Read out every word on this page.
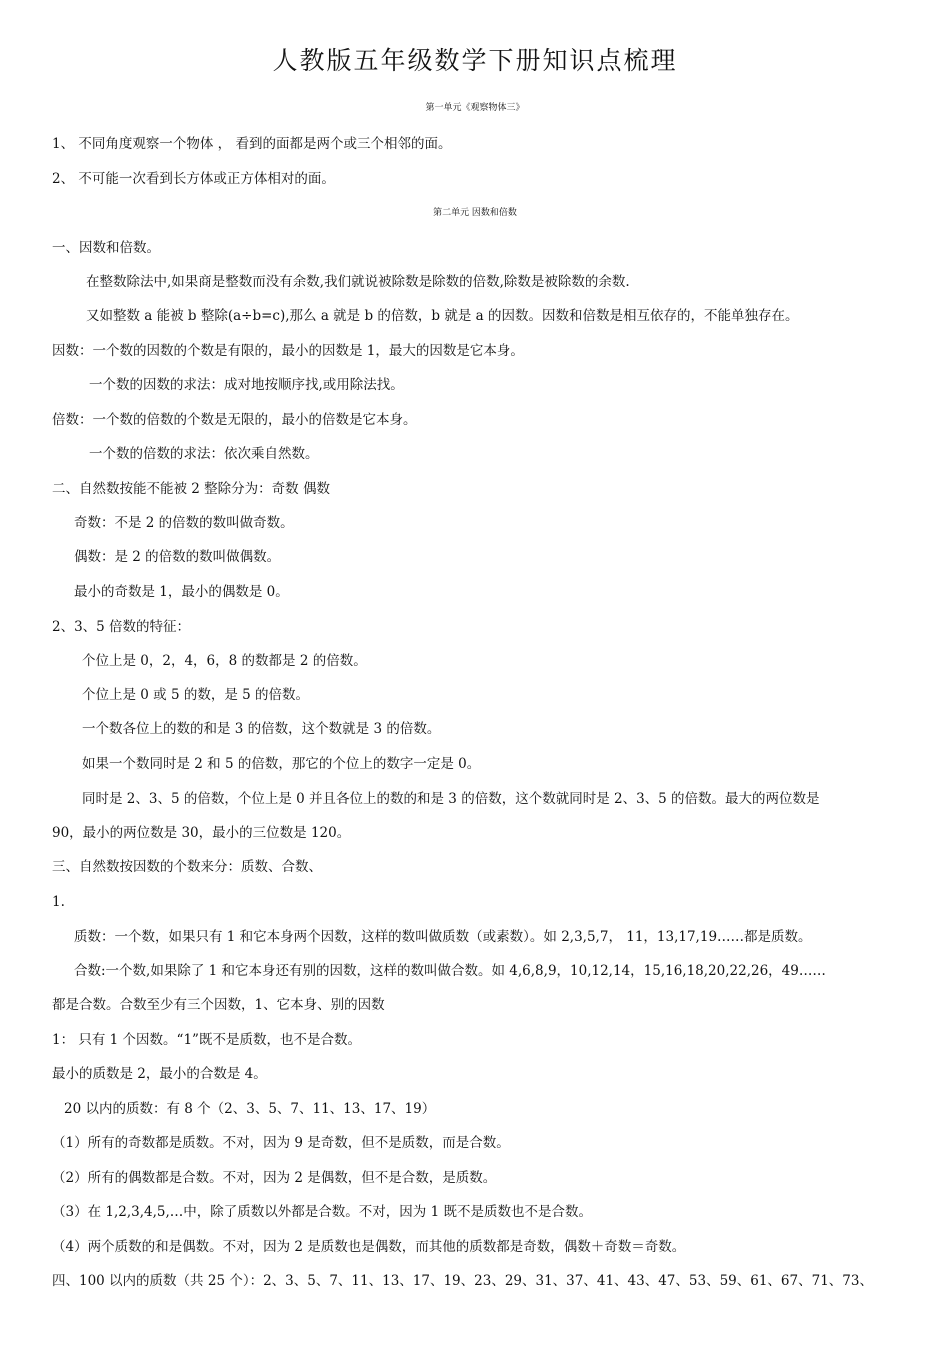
人教版五年级数学下册知识点梳理
第一单元《观察物体三》
1、 不同角度观察一个物体 ， 看到的面都是两个或三个相邻的面。
2、 不可能一次看到长方体或正方体相对的面。
第二单元 因数和倍数
一、因数和倍数。
在整数除法中,如果商是整数而没有余数,我们就说被除数是除数的倍数,除数是被除数的余数.
又如整数 a 能被 b 整除(a÷b=c),那么 a 就是 b 的倍数，b 就是 a 的因数。因数和倍数是相互依存的，不能单独存在。
因数：一个数的因数的个数是有限的，最小的因数是 1，最大的因数是它本身。
一个数的因数的求法：成对地按顺序找,或用除法找。
倍数：一个数的倍数的个数是无限的，最小的倍数是它本身。
一个数的倍数的求法：依次乘自然数。
二、自然数按能不能被 2 整除分为：奇数 偶数
奇数：不是 2 的倍数的数叫做奇数。
偶数：是 2 的倍数的数叫做偶数。
最小的奇数是 1，最小的偶数是 0。
2、3、5 倍数的特征：
个位上是 0，2，4，6，8 的数都是 2 的倍数。
个位上是 0 或 5 的数，是 5 的倍数。
一个数各位上的数的和是 3 的倍数，这个数就是 3 的倍数。
如果一个数同时是 2 和 5 的倍数，那它的个位上的数字一定是 0。
同时是 2、3、5 的倍数，个位上是 0 并且各位上的数的和是 3 的倍数，这个数就同时是 2、3、5 的倍数。最大的两位数是
90，最小的两位数是 30，最小的三位数是 120。
三、自然数按因数的个数来分：质数、合数、
1.
质数：一个数，如果只有 1 和它本身两个因数，这样的数叫做质数（或素数）。如 2,3,5,7， 11，13,17,19……都是质数。
合数:一个数,如果除了 1 和它本身还有别的因数，这样的数叫做合数。如 4,6,8,9，10,12,14，15,16,18,20,22,26，49……
都是合数。合数至少有三个因数，1、它本身、别的因数
1： 只有 1 个因数。“1”既不是质数，也不是合数。
最小的质数是 2，最小的合数是 4。
20 以内的质数：有 8 个（2、3、5、7、11、13、17、19）
（1）所有的奇数都是质数。不对，因为 9 是奇数，但不是质数，而是合数。
（2）所有的偶数都是合数。不对，因为 2 是偶数，但不是合数，是质数。
（3）在 1,2,3,4,5,…中，除了质数以外都是合数。不对，因为 1 既不是质数也不是合数。
（4）两个质数的和是偶数。不对，因为 2 是质数也是偶数，而其他的质数都是奇数，偶数＋奇数＝奇数。
四、100 以内的质数（共 25 个）：2、3、5、7、11、13、17、19、23、29、31、37、41、43、47、53、59、61、67、71、73、
